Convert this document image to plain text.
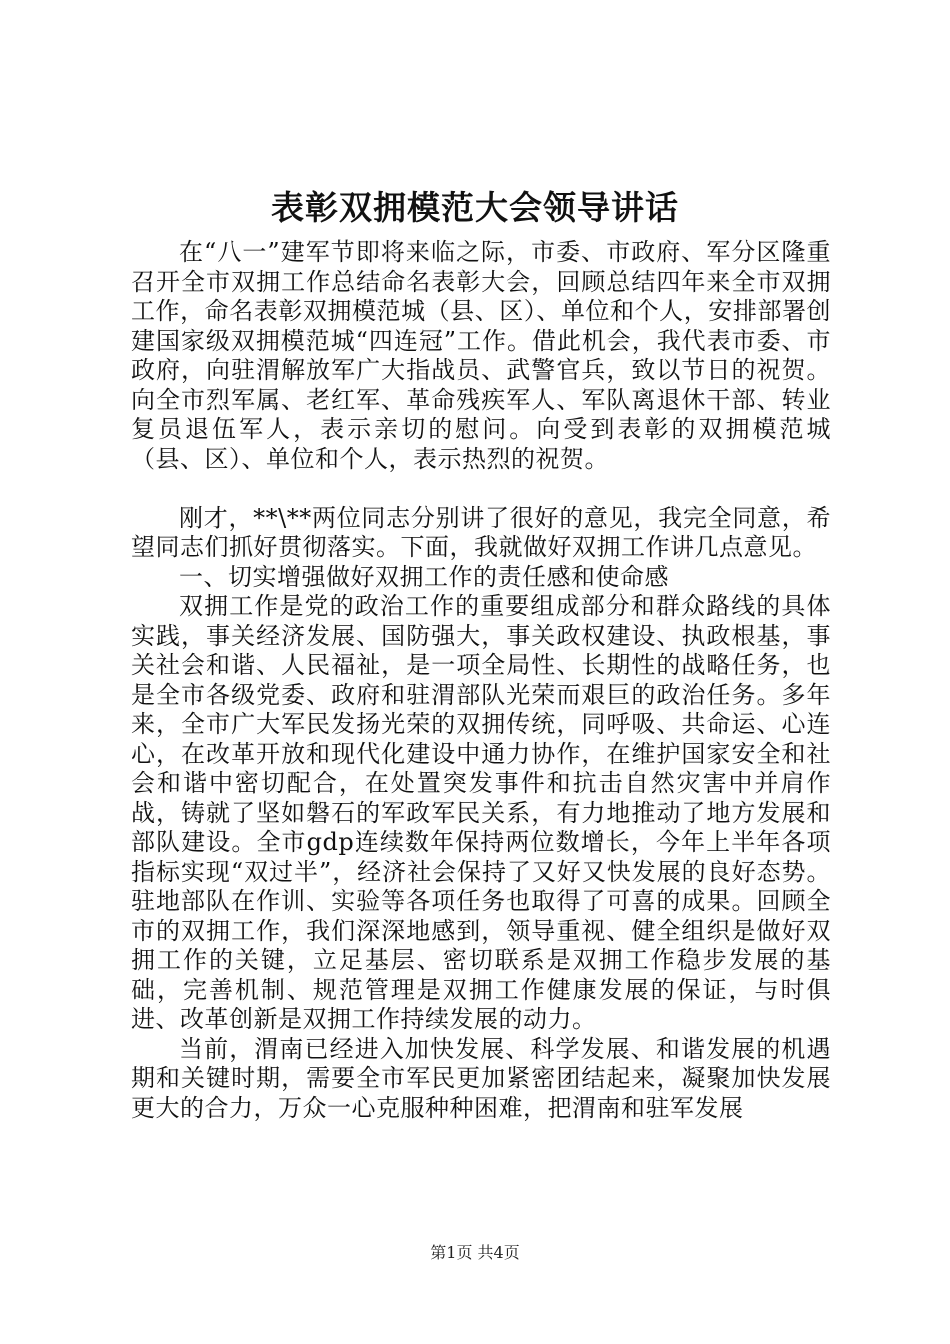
表彰双拥模范大会领导讲话

在“八一”建军节即将来临之际，市委、市政府、军分区隆重召开全市双拥工作总结命名表彰大会，回顾总结四年来全市双拥工作，命名表彰双拥模范城（县、区）、单位和个人，安排部署创建国家级双拥模范城“四连冠”工作。借此机会，我代表市委、市政府，向驻渭解放军广大指战员、武警官兵，致以节日的祝贺。向全市烈军属、老红军、革命残疾军人、军队离退休干部、转业复员退伍军人，表示亲切的慰问。向受到表彰的双拥模范城（县、区）、单位和个人，表示热烈的祝贺。

刚才，**\**两位同志分别讲了很好的意见，我完全同意，希望同志们抓好贯彻落实。下面，我就做好双拥工作讲几点意见。

一、切实增强做好双拥工作的责任感和使命感

双拥工作是党的政治工作的重要组成部分和群众路线的具体实践，事关经济发展、国防强大，事关政权建设、执政根基，事关社会和谐、人民福祉，是一项全局性、长期性的战略任务，也是全市各级党委、政府和驻渭部队光荣而艰巨的政治任务。多年来，全市广大军民发扬光荣的双拥传统，同呼吸、共命运、心连心，在改革开放和现代化建设中通力协作，在维护国家安全和社会和谐中密切配合，在处置突发事件和抗击自然灾害中并肩作战，铸就了坚如磐石的军政军民关系，有力地推动了地方发展和部队建设。全市gdp连续数年保持两位数增长，今年上半年各项指标实现“双过半”，经济社会保持了又好又快发展的良好态势。驻地部队在作训、实验等各项任务也取得了可喜的成果。回顾全市的双拥工作，我们深深地感到，领导重视、健全组织是做好双拥工作的关键，立足基层、密切联系是双拥工作稳步发展的基础，完善机制、规范管理是双拥工作健康发展的保证，与时俱进、改革创新是双拥工作持续发展的动力。

当前，渭南已经进入加快发展、科学发展、和谐发展的机遇期和关键时期，需要全市军民更加紧密团结起来，凝聚加快发展更大的合力，万众一心克服种种困难，把渭南和驻军发展

第1页 共4页
